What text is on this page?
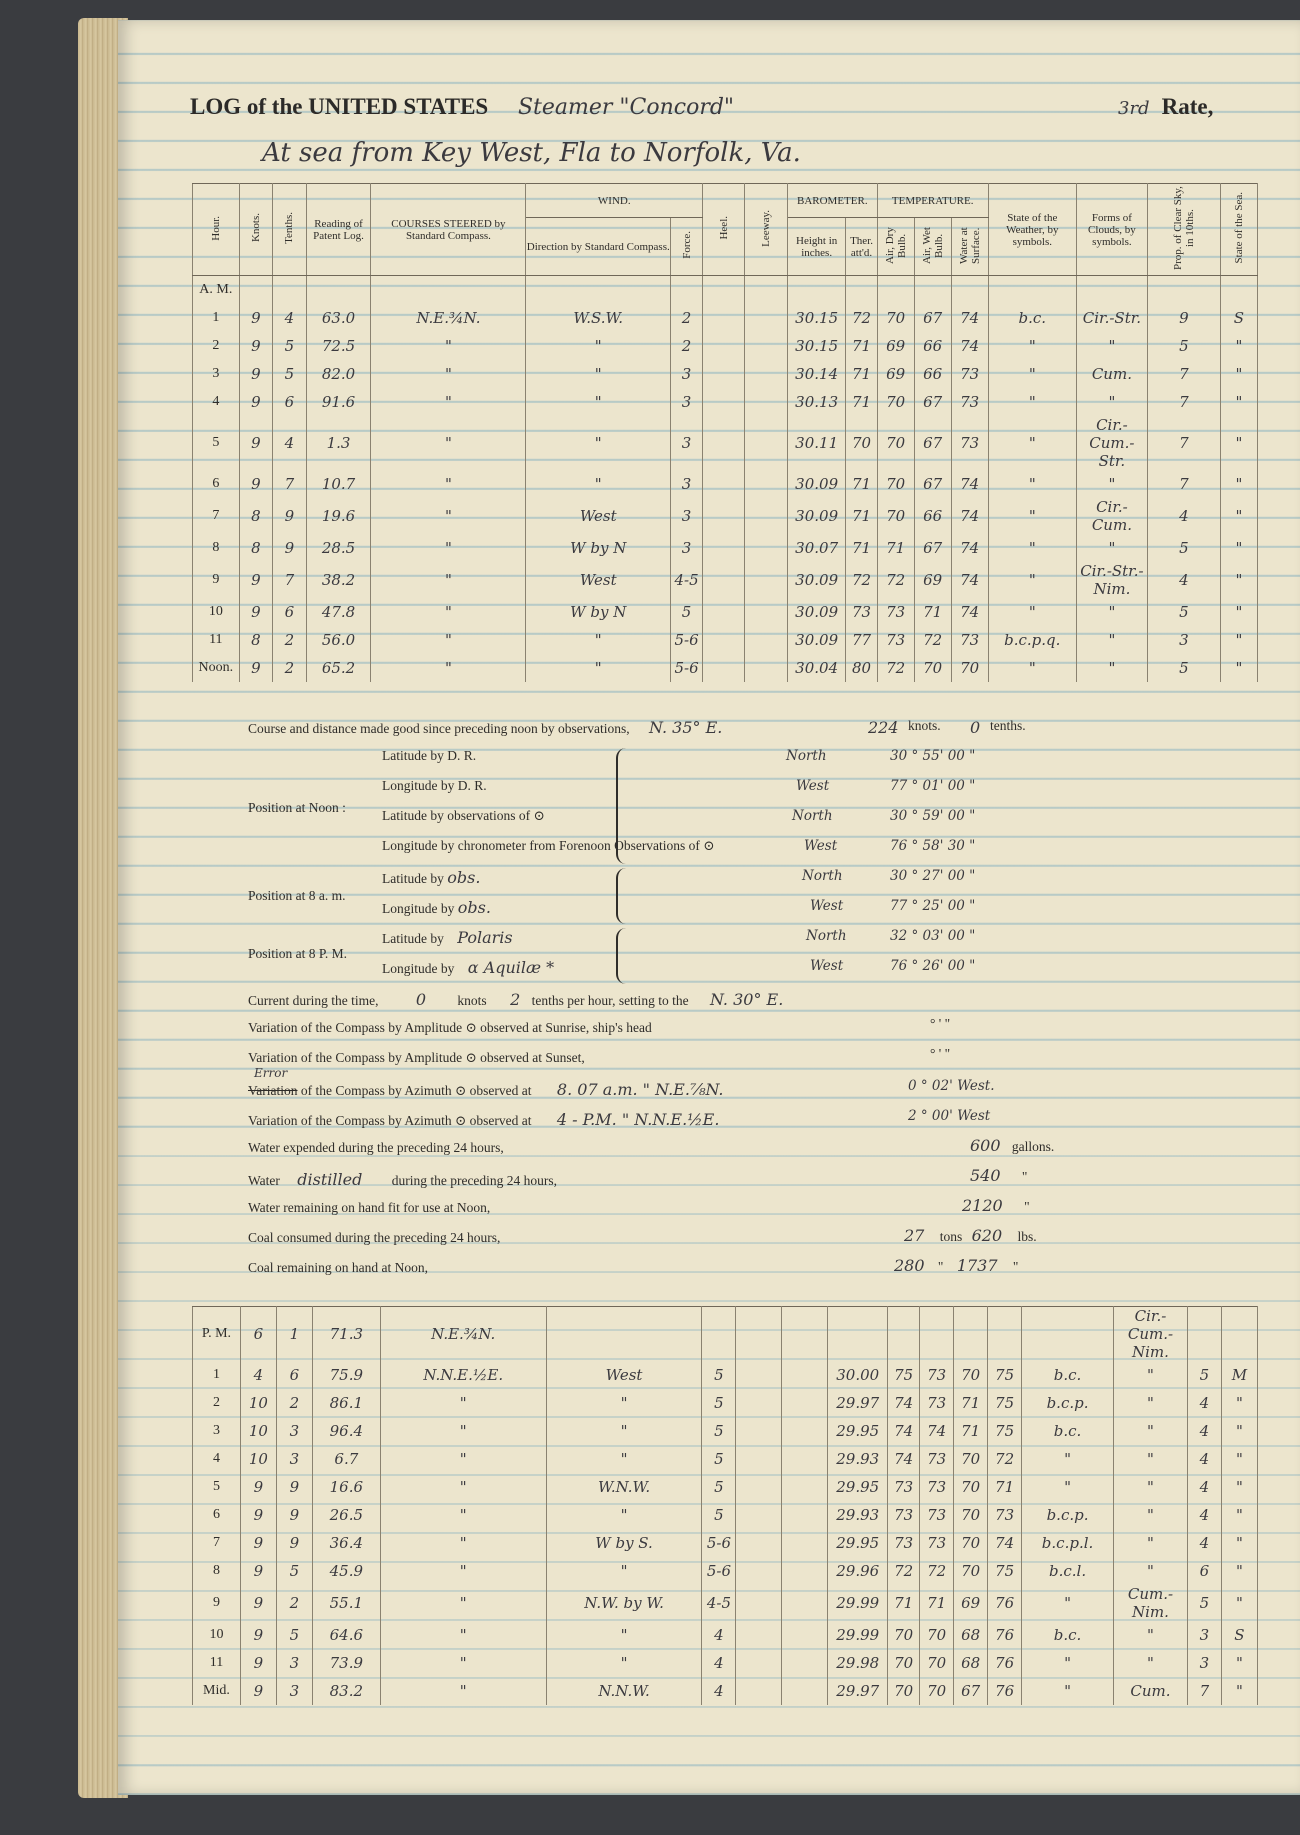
LOG of the UNITED STATES Steamer "Concord"	3rd Rate,
At sea from Key West, Fla to Norfolk, Va.
Hour.	Knots.	Tenths.	Reading of Patent Log.	COURSES STEERED by Standard Compass.	WIND.		Heel.	Leeway.	BAROMETER.		TEMPERATURE.			State of the Weather, by symbols.	Forms of Clouds, by symbols.	Prop. of Clear Sky, in 10ths.	State of the Sea.
					Direction by Standard Compass.	Force.			Height in inches.	Ther. att'd.	Air, Dry Bulb.	Air, Wet Bulb.	Water at Surface.				
A. M.																	
1	9	4	63.0	N.E.¾N.	W.S.W.	2			30.15	72	70	67	74	b.c.	Cir.-Str.	9	S
2	9	5	72.5	"	"	2			30.15	71	69	66	74	"	"	5	"
3	9	5	82.0	"	"	3			30.14	71	69	66	73	"	Cum.	7	"
4	9	6	91.6	"	"	3			30.13	71	70	67	73	"	"	7	"
5	9	4	1.3	"	"	3			30.11	70	70	67	73	"	Cir.-Cum.-Str.	7	"
6	9	7	10.7	"	"	3			30.09	71	70	67	74	"	"	7	"
7	8	9	19.6	"	West	3			30.09	71	70	66	74	"	Cir.-Cum.	4	"
8	8	9	28.5	"	W by N	3			30.07	71	71	67	74	"	"	5	"
9	9	7	38.2	"	West	4-5			30.09	72	72	69	74	"	Cir.-Str.-Nim.	4	"
10	9	6	47.8	"	W by N	5			30.09	73	73	71	74	"	"	5	"
11	8	2	56.0	"	"	5-6			30.09	77	73	72	73	b.c.p.q.	"	3	"
Noon.	9	2	65.2	"	"	5-6			30.04	80	72	70	70	"	"	5	"
Course and distance made good since preceding noon by observations, N. 35° E.	224 knots. 0 tenths.
Position at Noon :
Latitude by D. R.	North	30 ° 55' 00 "
Longitude by D. R.	West	77 ° 01' 00 "
Latitude by observations of ⊙	North	30 ° 59' 00 "
Longitude by chronometer from Forenoon Observations of ⊙	West	76 ° 58' 30 "
Position at 8 a. m.
Latitude by obs.	North	30 ° 27' 00 "
Longitude by obs.	West	77 ° 25' 00 "
Position at 8 P. M.
Latitude by Polaris	North	32 ° 03' 00 "
Longitude by α Aquilæ *	West	76 ° 26' 00 "
Current during the time, 0 knots 2 tenths per hour, setting to the N. 30° E.
Variation of the Compass by Amplitude ⊙ observed at Sunrise, ship's head	° ' "
Variation of the Compass by Amplitude ⊙ observed at Sunset,	° ' "
Variation
Error
of the Compass by Azimuth ⊙ observed at 8. 07 a.m. " N.E.⅞N.	0 ° 02' West.
Variation of the Compass by Azimuth ⊙ observed at 4 - P.M. " N.N.E.½E.	2 ° 00' West
Water expended during the preceding 24 hours,	600 gallons.
Water distilled during the preceding 24 hours,	540 "
Water remaining on hand fit for use at Noon,	2120 "
Coal consumed during the preceding 24 hours,	27 tons 620 lbs.
Coal remaining on hand at Noon,	280 " 1737 "
P. M.	6	1	71.3	N.E.¾N.											Cir.-Cum.-Nim.		
1	4	6	75.9	N.N.E.½E.	West	5			30.00	75	73	70	75	b.c.	"	5	M
2	10	2	86.1	"	"	5			29.97	74	73	71	75	b.c.p.	"	4	"
3	10	3	96.4	"	"	5			29.95	74	74	71	75	b.c.	"	4	"
4	10	3	6.7	"	"	5			29.93	74	73	70	72	"	"	4	"
5	9	9	16.6	"	W.N.W.	5			29.95	73	73	70	71	"	"	4	"
6	9	9	26.5	"	"	5			29.93	73	73	70	73	b.c.p.	"	4	"
7	9	9	36.4	"	W by S.	5-6			29.95	73	73	70	74	b.c.p.l.	"	4	"
8	9	5	45.9	"	"	5-6			29.96	72	72	70	75	b.c.l.	"	6	"
9	9	2	55.1	"	N.W. by W.	4-5			29.99	71	71	69	76	"	Cum.-Nim.	5	"
10	9	5	64.6	"	"	4			29.99	70	70	68	76	b.c.	"	3	S
11	9	3	73.9	"	"	4			29.98	70	70	68	76	"	"	3	"
Mid.	9	3	83.2	"	N.N.W.	4			29.97	70	70	67	76	"	Cum.	7	"
